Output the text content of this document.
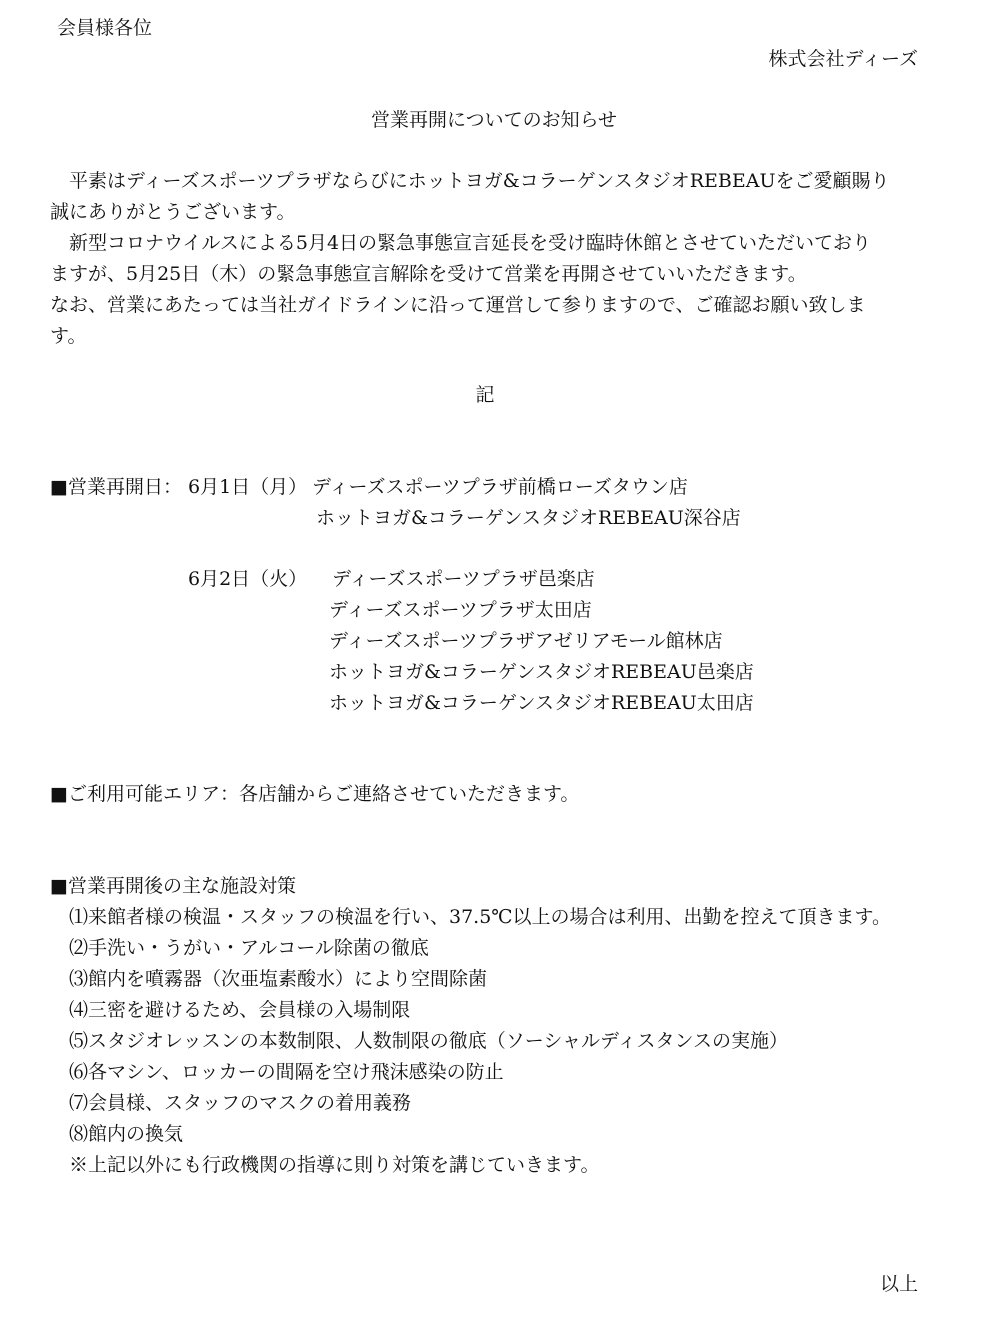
会員様各位
株式会社ディーズ
営業再開についてのお知らせ

平素はディーズスポーツプラザならびにホットヨガ&コラーゲンスタジオREBEAUをご愛顧賜り

誠にありがとうございます。

新型コロナウイルスによる5月4日の緊急事態宣言延長を受け臨時休館とさせていただいており

ますが、5月25日（木）の緊急事態宣言解除を受けて営業を再開させていいただきます。

なお、営業にあたっては当社ガイドラインに沿って運営して参りますので、ご確認お願い致しま

す。

記
■営業再開日： 6月1日（月） ディーズスポーツプラザ前橋ローズタウン店
ホットヨガ&コラーゲンスタジオREBEAU深谷店
6月2日（火） ディーズスポーツプラザ邑楽店
ディーズスポーツプラザ太田店
ディーズスポーツプラザアゼリアモール館林店
ホットヨガ&コラーゲンスタジオREBEAU邑楽店
ホットヨガ&コラーゲンスタジオREBEAU太田店
■ご利用可能エリア：各店舗からご連絡させていただきます。
■営業再開後の主な施設対策
⑴来館者様の検温・スタッフの検温を行い、37.5℃以上の場合は利用、出勤を控えて頂きます。
⑵手洗い・うがい・アルコール除菌の徹底
⑶館内を噴霧器（次亜塩素酸水）により空間除菌
⑷三密を避けるため、会員様の入場制限
⑸スタジオレッスンの本数制限、人数制限の徹底（ソーシャルディスタンスの実施）
⑹各マシン、ロッカーの間隔を空け飛沫感染の防止
⑺会員様、スタッフのマスクの着用義務
⑻館内の換気
※上記以外にも行政機関の指導に則り対策を講じていきます。
以上
